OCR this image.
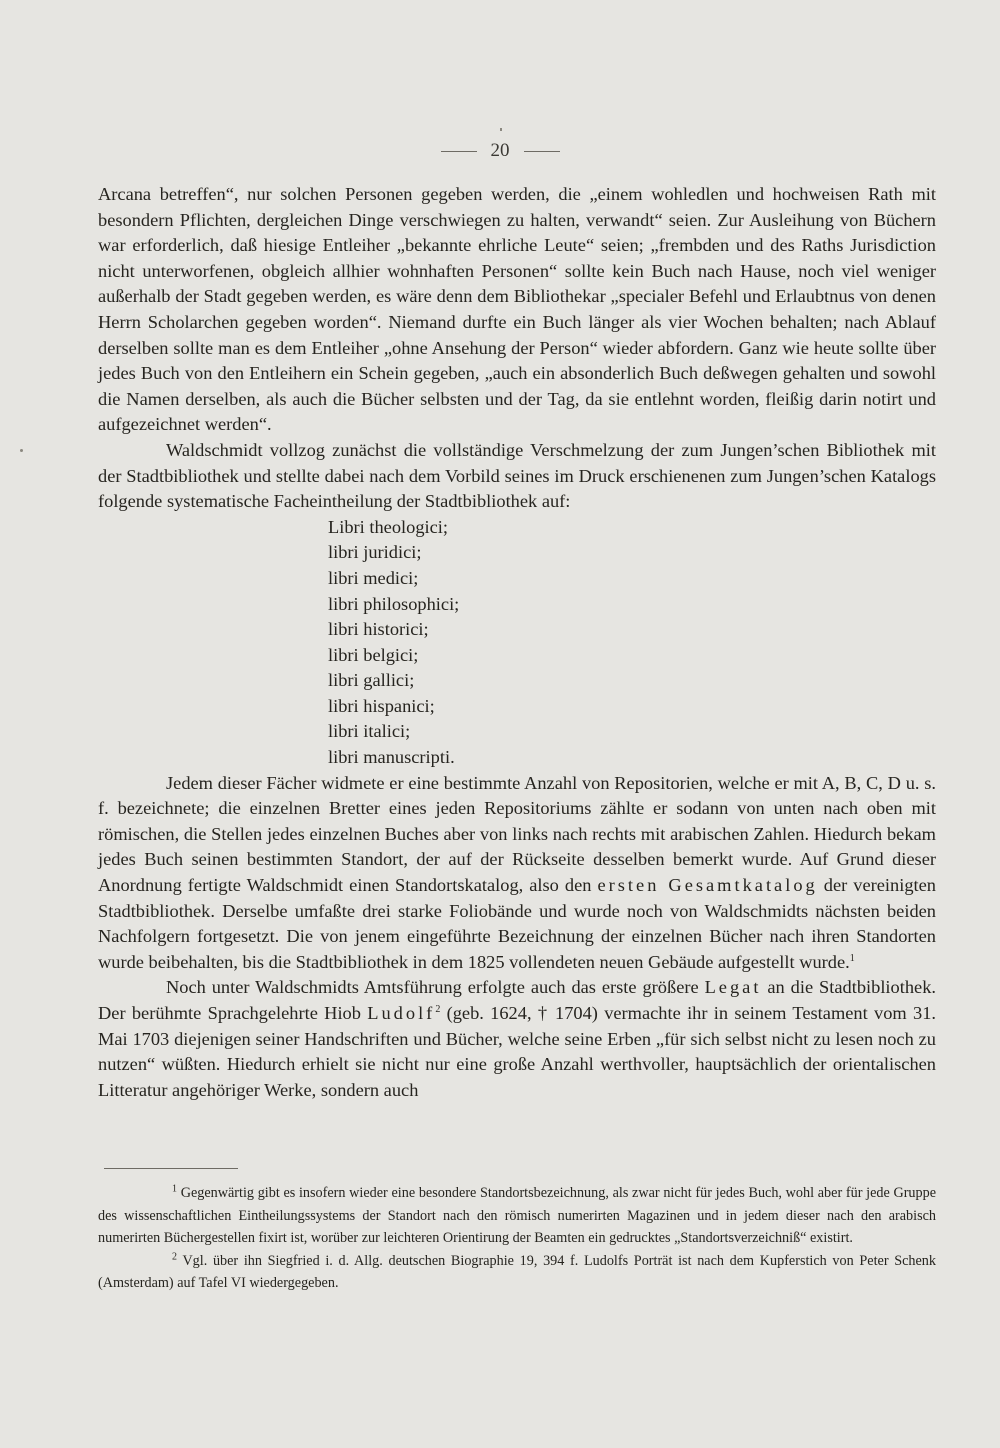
20

Arcana betreffen“, nur solchen Personen gegeben werden, die „einem wohledlen und hochweisen Rath mit besondern Pflichten, dergleichen Dinge verschwiegen zu halten, verwandt“ seien. Zur Ausleihung von Büchern war erforderlich, daß hiesige Entleiher „bekannte ehrliche Leute“ seien; „frembden und des Raths Jurisdiction nicht unterworfenen, obgleich allhier wohnhaften Personen“ sollte kein Buch nach Hause, noch viel weniger außerhalb der Stadt gegeben werden, es wäre denn dem Bibliothekar „specialer Befehl und Erlaubtnus von denen Herrn Scholarchen gegeben worden“. Niemand durfte ein Buch länger als vier Wochen behalten; nach Ablauf derselben sollte man es dem Entleiher „ohne Ansehung der Person“ wieder abfordern. Ganz wie heute sollte über jedes Buch von den Entleihern ein Schein gegeben, „auch ein absonderlich Buch deßwegen gehalten und sowohl die Namen derselben, als auch die Bücher selbsten und der Tag, da sie entlehnt worden, fleißig darin notirt und aufgezeichnet werden“.

Waldschmidt vollzog zunächst die vollständige Verschmelzung der zum Jungen’schen Bibliothek mit der Stadtbibliothek und stellte dabei nach dem Vorbild seines im Druck erschienenen zum Jungen’schen Katalogs folgende systematische Facheintheilung der Stadtbibliothek auf:

Libri theologici;
libri juridici;
libri medici;
libri philosophici;
libri historici;
libri belgici;
libri gallici;
libri hispanici;
libri italici;
libri manuscripti.

Jedem dieser Fächer widmete er eine bestimmte Anzahl von Repositorien, welche er mit A, B, C, D u. s. f. bezeichnete; die einzelnen Bretter eines jeden Repositoriums zählte er sodann von unten nach oben mit römischen, die Stellen jedes einzelnen Buches aber von links nach rechts mit arabischen Zahlen. Hiedurch bekam jedes Buch seinen bestimmten Standort, der auf der Rückseite desselben bemerkt wurde. Auf Grund dieser Anordnung fertigte Waldschmidt einen Standortskatalog, also den ersten Gesamtkatalog der vereinigten Stadtbibliothek. Derselbe umfaßte drei starke Foliobände und wurde noch von Waldschmidts nächsten beiden Nachfolgern fortgesetzt. Die von jenem eingeführte Bezeichnung der einzelnen Bücher nach ihren Standorten wurde beibehalten, bis die Stadtbibliothek in dem 1825 vollendeten neuen Gebäude aufgestellt wurde.$^1$

Noch unter Waldschmidts Amtsführung erfolgte auch das erste größere Legat an die Stadtbibliothek. Der berühmte Sprachgelehrte Hiob Ludolf$^2$ (geb. 1624, † 1704) vermachte ihr in seinem Testament vom 31. Mai 1703 diejenigen seiner Handschriften und Bücher, welche seine Erben „für sich selbst nicht zu lesen noch zu nutzen“ wüßten. Hiedurch erhielt sie nicht nur eine große Anzahl werthvoller, hauptsächlich der orientalischen Litteratur angehöriger Werke, sondern auch

$^1$ Gegenwärtig gibt es insofern wieder eine besondere Standortsbezeichnung, als zwar nicht für jedes Buch, wohl aber für jede Gruppe des wissenschaftlichen Eintheilungssystems der Standort nach den römisch numerirten Magazinen und in jedem dieser nach den arabisch numerirten Büchergestellen fixirt ist, worüber zur leichteren Orientirung der Beamten ein gedrucktes „Standortsverzeichniß“ existirt.

$^2$ Vgl. über ihn Siegfried i. d. Allg. deutschen Biographie 19, 394 f. Ludolfs Porträt ist nach dem Kupferstich von Peter Schenk (Amsterdam) auf Tafel VI wiedergegeben.
